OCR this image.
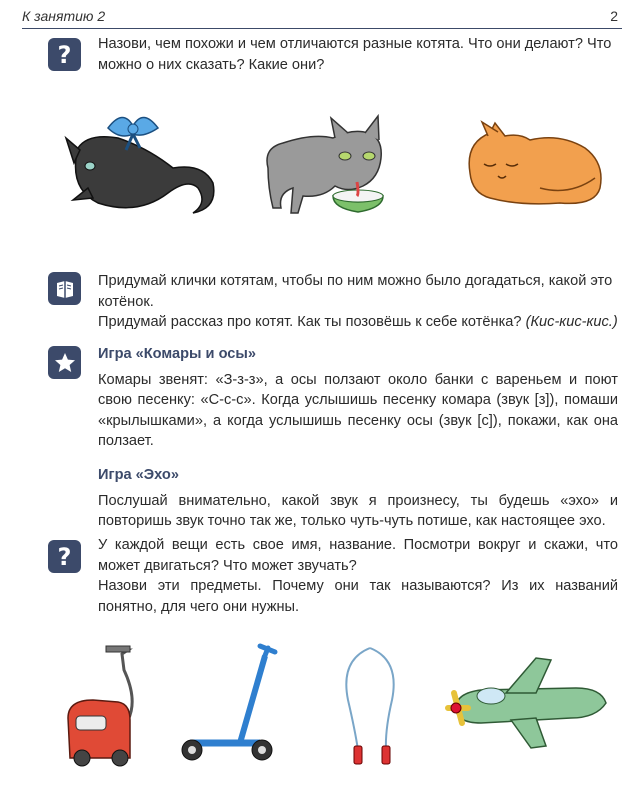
К занятию 2	2
? Назови, чем похожи и чем отличаются разные котята. Что они делают? Что можно о них сказать? Какие они?

Придумай клички котятам, чтобы по ним можно было догадаться, какой это котёнок.

Придумай рассказ про котят. Как ты позовёшь к себе котёнка? (Кис-кис-кис.)

Игра «Комары и осы»

Комары звенят: «З-з-з», а осы ползают около банки с вареньем и поют свою песенку: «С-с-с». Когда услышишь песенку комара (звук [з]), помаши «крылышками», а когда услышишь песенку осы (звук [с]), покажи, как она ползает.

Игра «Эхо»

Послушай внимательно, какой звук я произнесу, ты будешь «эхо» и повторишь звук точно так же, только чуть-чуть потише, как настоящее эхо.

? У каждой вещи есть свое имя, название. Посмотри вокруг и скажи, что может двигаться? Что может звучать?

Назови эти предметы. Почему они так называются? Из их названий понятно, для чего они нужны.
